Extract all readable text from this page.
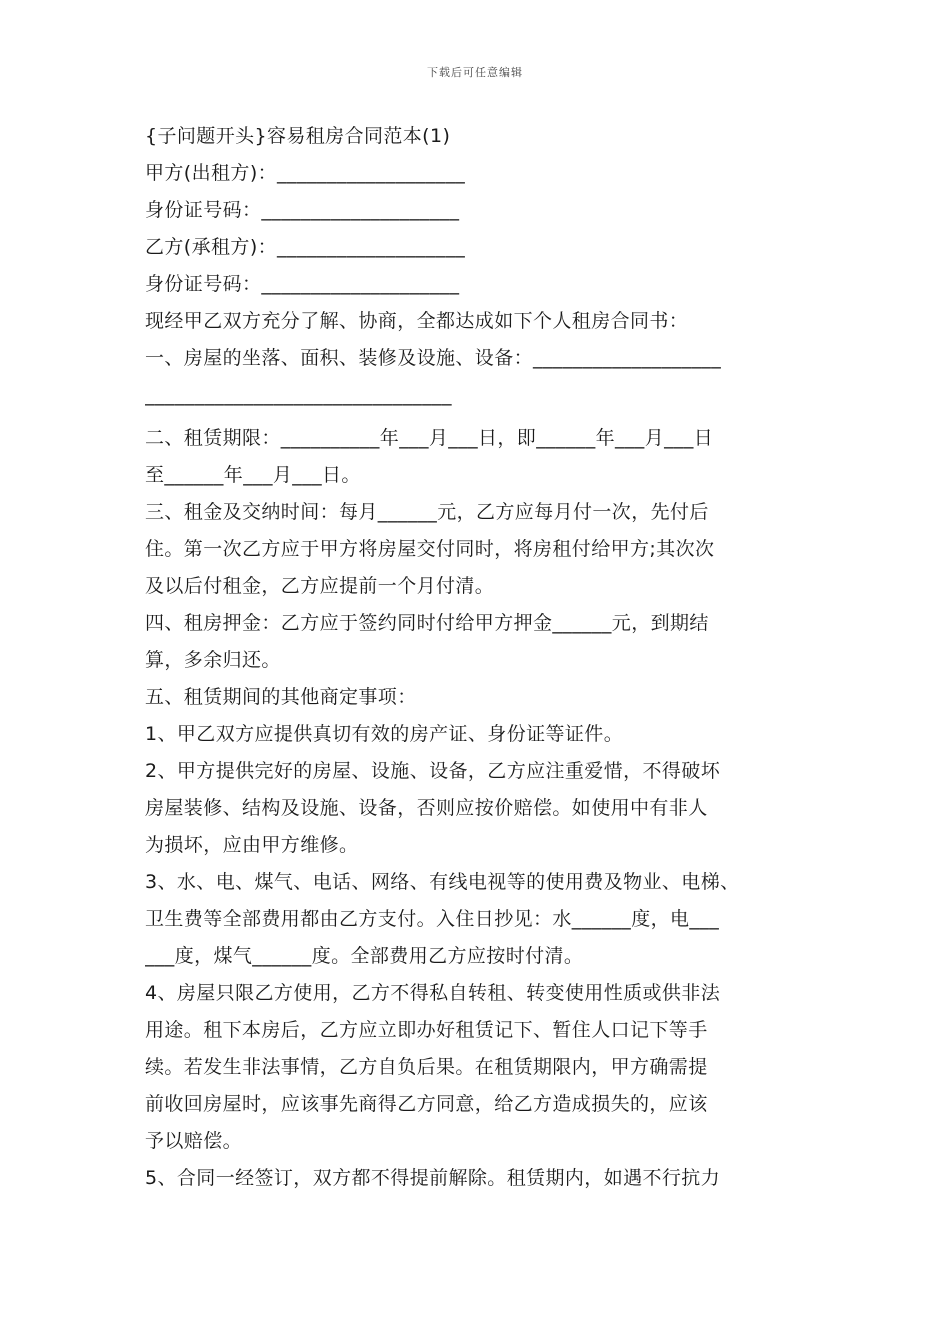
下载后可任意编辑
{子问题开头}容易租房合同范本(1)
甲方(出租方)：___________________
身份证号码：____________________
乙方(承租方)：___________________
身份证号码：____________________
现经甲乙双方充分了解、协商，全都达成如下个人租房合同书：
一、房屋的坐落、面积、装修及设施、设备：___________________
_______________________________
二、租赁期限：__________年___月___日，即______年___月___日
至______年___月___日。
三、租金及交纳时间：每月______元，乙方应每月付一次，先付后
住。第一次乙方应于甲方将房屋交付同时，将房租付给甲方;其次次
及以后付租金，乙方应提前一个月付清。
四、租房押金：乙方应于签约同时付给甲方押金______元，到期结
算，多余归还。
五、租赁期间的其他商定事项：
1、甲乙双方应提供真切有效的房产证、身份证等证件。
2、甲方提供完好的房屋、设施、设备，乙方应注重爱惜，不得破坏
房屋装修、结构及设施、设备，否则应按价赔偿。如使用中有非人
为损坏，应由甲方维修。
3、水、电、煤气、电话、网络、有线电视等的使用费及物业、电梯、
卫生费等全部费用都由乙方支付。入住日抄见：水______度，电___
___度，煤气______度。全部费用乙方应按时付清。
4、房屋只限乙方使用，乙方不得私自转租、转变使用性质或供非法
用途。租下本房后，乙方应立即办好租赁记下、暂住人口记下等手
续。若发生非法事情，乙方自负后果。在租赁期限内，甲方确需提
前收回房屋时，应该事先商得乙方同意，给乙方造成损失的，应该
予以赔偿。
5、合同一经签订，双方都不得提前解除。租赁期内，如遇不行抗力
